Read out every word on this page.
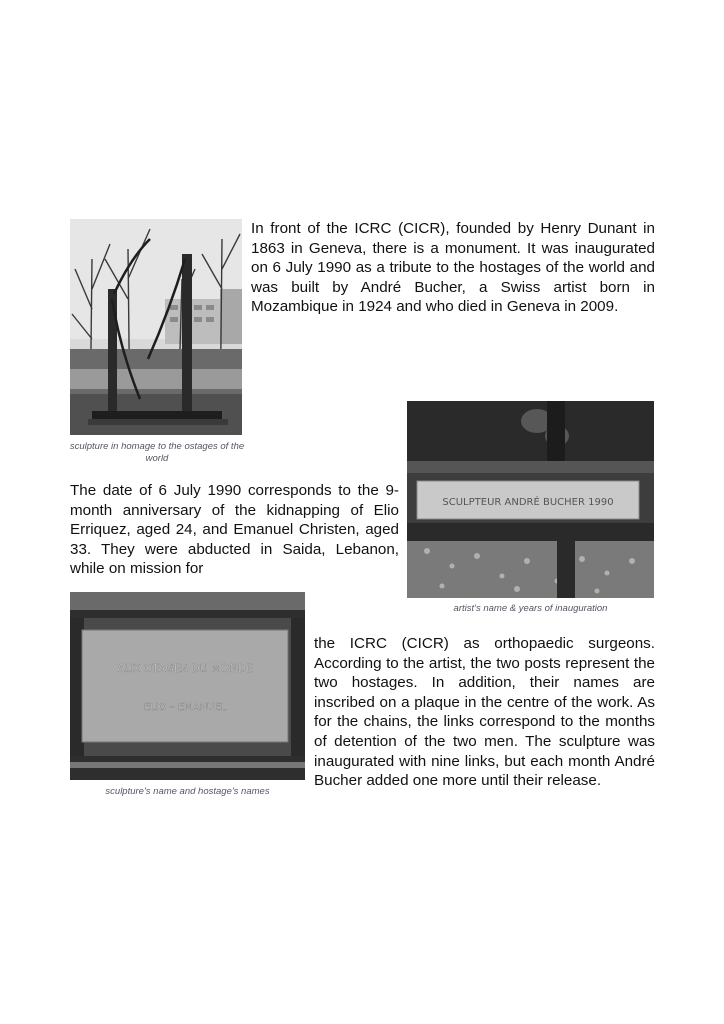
sculpture in homage to the ostages of the world

In front of the ICRC (CICR), founded by Henry Dunant in 1863 in Geneva, there is a monument. It was inaugurated on 6 July 1990 as a tribute to the hostages of the world and was built by André Bucher, a Swiss artist born in Mozambique in 1924 and who died in Geneva in 2009.

SCULPTEUR ANDRÉ BUCHER 1990

artist's name & years of inauguration

The date of 6 July 1990 corresponds to the 9-month anniversary of the kidnapping of Elio Erriquez, aged 24, and Emanuel Christen, aged 33. They were abducted in Saida, Lebanon, while on mission for

AUX OTAGES DU MONDE
ELIO – EMANUEL

sculpture's name and hostage's names

the ICRC (CICR) as orthopaedic surgeons. According to the artist, the two posts represent the two hostages. In addition, their names are inscribed on a plaque in the centre of the work. As for the chains, the links correspond to the months of detention of the two men. The sculpture was inaugurated with nine links, but each month André Bucher added one more until their release.
